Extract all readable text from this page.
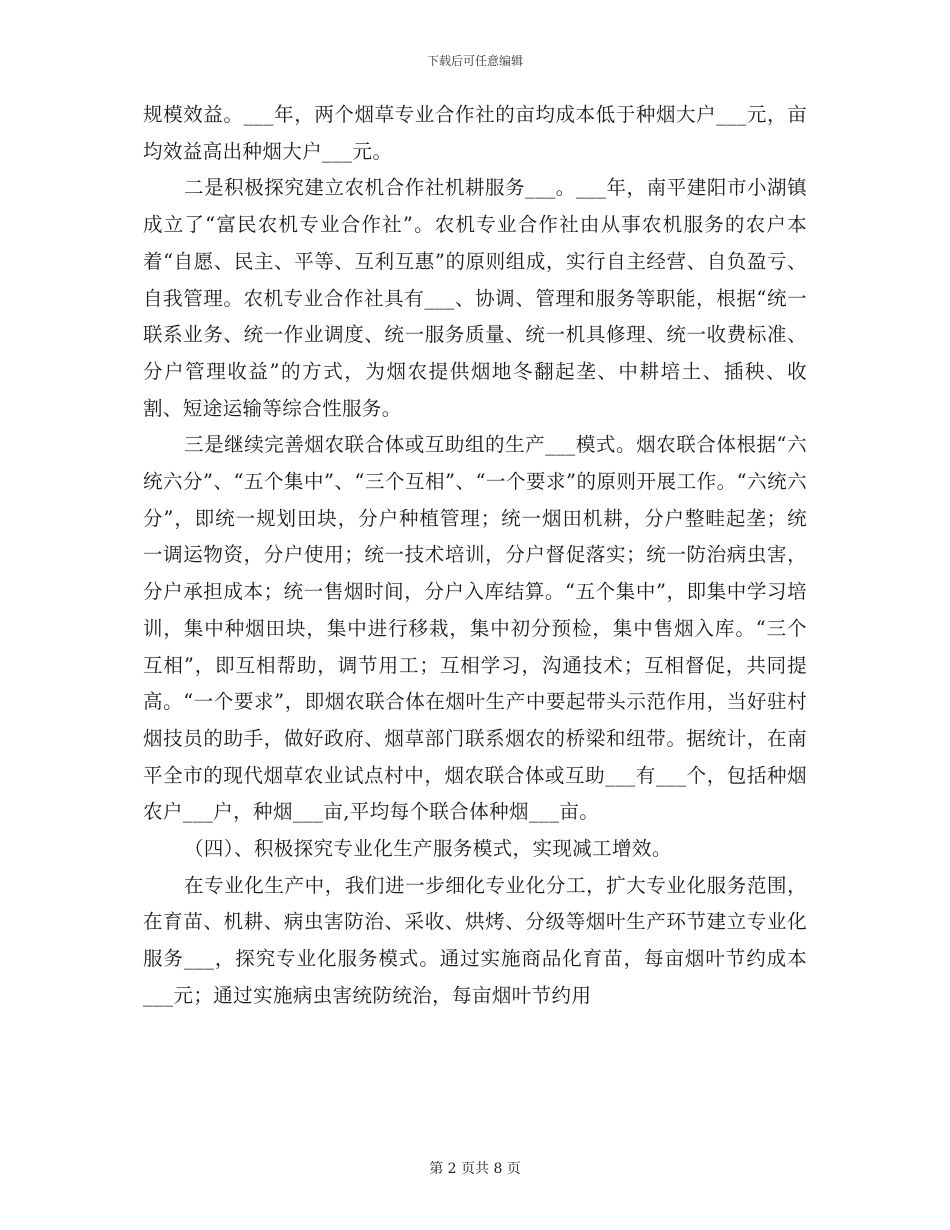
下载后可任意编辑

规模效益。___年，两个烟草专业合作社的亩均成本低于种烟大户___元，亩均效益高出种烟大户___元。

二是积极探究建立农机合作社机耕服务___。___年，南平建阳市小湖镇成立了“富民农机专业合作社”。农机专业合作社由从事农机服务的农户本着“自愿、民主、平等、互利互惠”的原则组成，实行自主经营、自负盈亏、自我管理。农机专业合作社具有___、协调、管理和服务等职能，根据“统一联系业务、统一作业调度、统一服务质量、统一机具修理、统一收费标准、分户管理收益”的方式，为烟农提供烟地冬翻起垄、中耕培土、插秧、收割、短途运输等综合性服务。

三是继续完善烟农联合体或互助组的生产___模式。烟农联合体根据“六统六分”、“五个集中”、“三个互相”、“一个要求”的原则开展工作。“六统六分”，即统一规划田块，分户种植管理；统一烟田机耕，分户整畦起垄；统一调运物资，分户使用；统一技术培训，分户督促落实；统一防治病虫害，分户承担成本；统一售烟时间，分户入库结算。“五个集中”，即集中学习培训，集中种烟田块，集中进行移栽，集中初分预检，集中售烟入库。“三个互相”，即互相帮助，调节用工；互相学习，沟通技术；互相督促，共同提高。“一个要求”，即烟农联合体在烟叶生产中要起带头示范作用，当好驻村烟技员的助手，做好政府、烟草部门联系烟农的桥梁和纽带。据统计，在南平全市的现代烟草农业试点村中，烟农联合体或互助___有___个，包括种烟农户___户，种烟___亩,平均每个联合体种烟___亩。

（四）、积极探究专业化生产服务模式，实现减工增效。

在专业化生产中，我们进一步细化专业化分工，扩大专业化服务范围，在育苗、机耕、病虫害防治、采收、烘烤、分级等烟叶生产环节建立专业化服务___，探究专业化服务模式。通过实施商品化育苗，每亩烟叶节约成本___元；通过实施病虫害统防统治，每亩烟叶节约用

第 2 页共 8 页
